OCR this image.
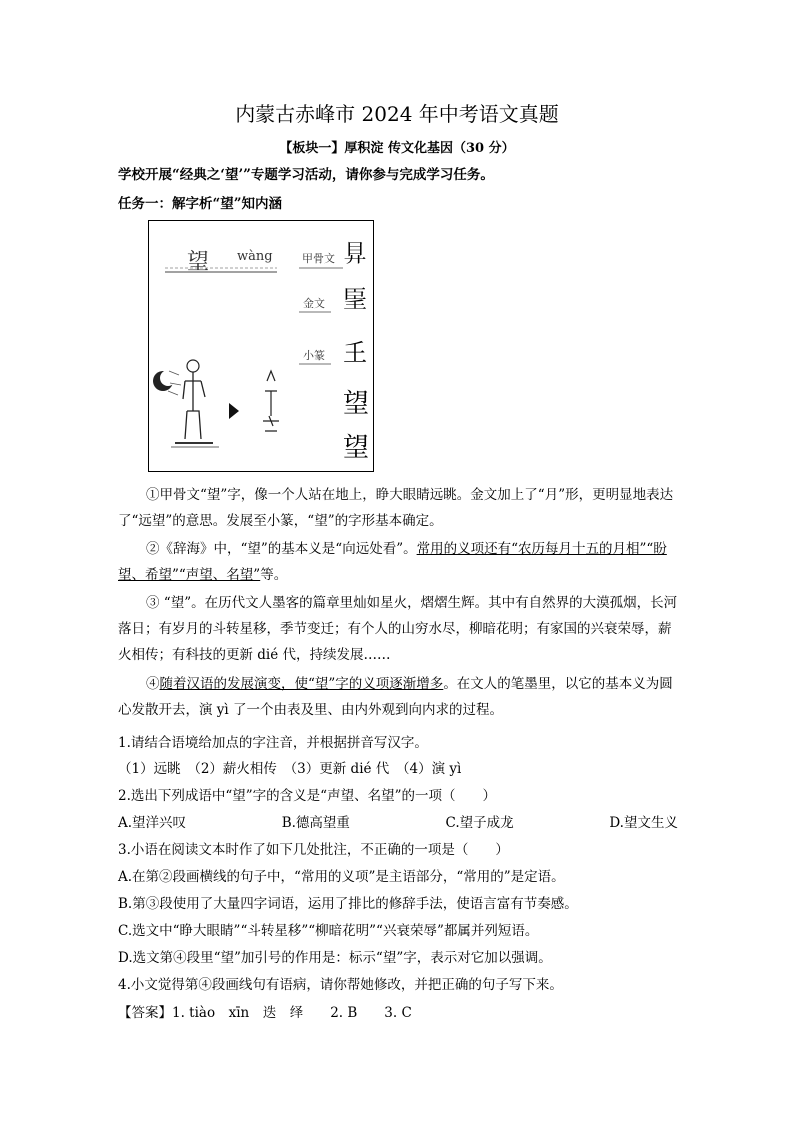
内蒙古赤峰市 2024 年中考语文真题
【板块一】厚积淀 传文化基因（30 分）
学校开展“经典之‘望’”专题学习活动，请你参与完成学习任务。
任务一：解字析“望”知内涵
望 wàng	甲骨文
金文
小篆
𥃲
𦣠
𡈼
望
望
①甲骨文“望”字，像一个人站在地上，睁大眼睛远眺。金文加上了“月”形，更明显地表达了“远望”的意思。发展至小篆，“望”的字形基本确定。
②《辞海》中，“望”的基本义是“向远处看”。常用的义项还有“农历每月十五的月相”“盼望、希望”“声望、名望”等。
③ “望”。在历代文人墨客的篇章里灿如星火，熠熠生辉。其中有自然界的大漠孤烟，长河落日；有岁月的斗转星移，季节变迁；有个人的山穷水尽，柳暗花明；有家国的兴衰荣辱，薪火相传；有科技的更新 dié 代，持续发展……
④随着汉语的发展演变，使“望”字的义项逐渐增多。在文人的笔墨里，以它的基本义为圆心发散开去，演 yì 了一个由表及里、由内外观到向内求的过程。
1.请结合语境给加点的字注音，并根据拼音写汉字。
（1）远眺　（2）薪火相传　（3）更新 dié 代　（4）演 yì
2.选出下列成语中“望”字的含义是“声望、名望”的一项（　　）
A.望洋兴叹	B.德高望重	C.望子成龙	D.望文生义
3.小语在阅读文本时作了如下几处批注，不正确的一项是（　　）
A.在第②段画横线的句子中，“常用的义项”是主语部分，“常用的”是定语。
B.第③段使用了大量四字词语，运用了排比的修辞手法，使语言富有节奏感。
C.选文中“睁大眼睛”“斗转星移”“柳暗花明”“兴衰荣辱”都属并列短语。
D.选文第④段里“望”加引号的作用是：标示“望”字，表示对它加以强调。
4.小文觉得第④段画线句有语病，请你帮她修改，并把正确的句子写下来。
【答案】1. tiào　xīn　迭　绎　　2. B　　3. C
